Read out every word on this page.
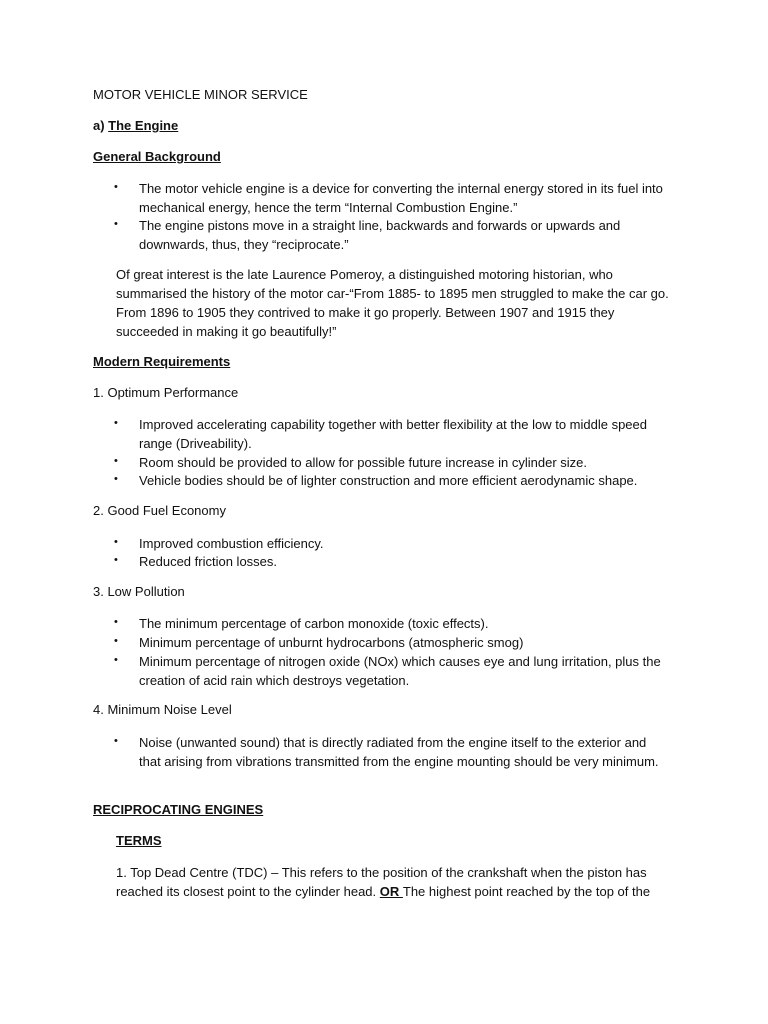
MOTOR VEHICLE MINOR SERVICE

a) The Engine

General Background

• The motor vehicle engine is a device for converting the internal energy stored in its fuel into
mechanical energy, hence the term “Internal Combustion Engine.”
• The engine pistons move in a straight line, backwards and forwards or upwards and
downwards, thus, they “reciprocate.”
Of great interest is the late Laurence Pomeroy, a distinguished motoring historian, who
summarised the history of the motor car-“From 1885- to 1895 men struggled to make the car go.
From 1896 to 1905 they contrived to make it go properly. Between 1907 and 1915 they
succeeded in making it go beautifully!”

Modern Requirements

1. Optimum Performance

• Improved accelerating capability together with better flexibility at the low to middle speed
range (Driveability).
• Room should be provided to allow for possible future increase in cylinder size.
• Vehicle bodies should be of lighter construction and more efficient aerodynamic shape.

2. Good Fuel Economy

• Improved combustion efficiency.
• Reduced friction losses.

3. Low Pollution

• The minimum percentage of carbon monoxide (toxic effects).
• Minimum percentage of unburnt hydrocarbons (atmospheric smog)
• Minimum percentage of nitrogen oxide (NOx) which causes eye and lung irritation, plus the
creation of acid rain which destroys vegetation.

4. Minimum Noise Level

• Noise (unwanted sound) that is directly radiated from the engine itself to the exterior and
that arising from vibrations transmitted from the engine mounting should be very minimum.

RECIPROCATING ENGINES

TERMS

1. Top Dead Centre (TDC) – This refers to the position of the crankshaft when the piston has
reached its closest point to the cylinder head. OR The highest point reached by the top of the
